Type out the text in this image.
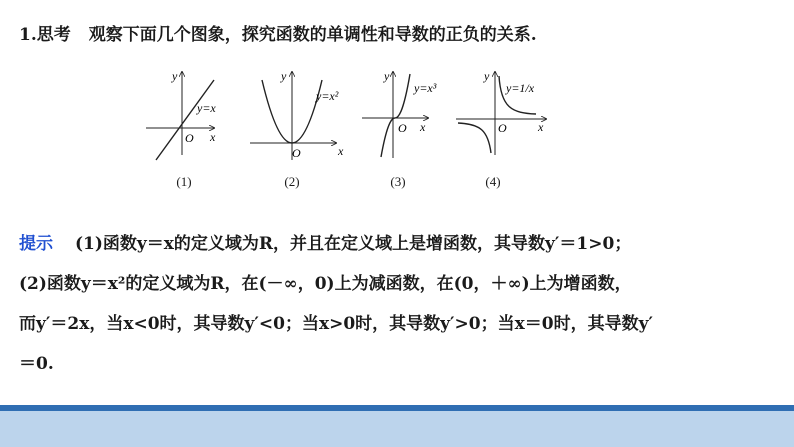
1.思考 观察下面几个图象，探究函数的单调性和导数的正负的关系.
y
x
O
y=x
y
x
O
y=x²
y
x
O
y=x³
y
x
O
y=1/x
(1)	(2)	(3)	(4)
提示 (1)函数y＝x的定义域为R，并且在定义域上是增函数，其导数y′＝1>0；
(2)函数y＝x²的定义域为R，在(－∞，0)上为减函数，在(0，＋∞)上为增函数，
而y′＝2x，当x<0时，其导数y′<0；当x>0时，其导数y′>0；当x＝0时，其导数y′
＝0.
